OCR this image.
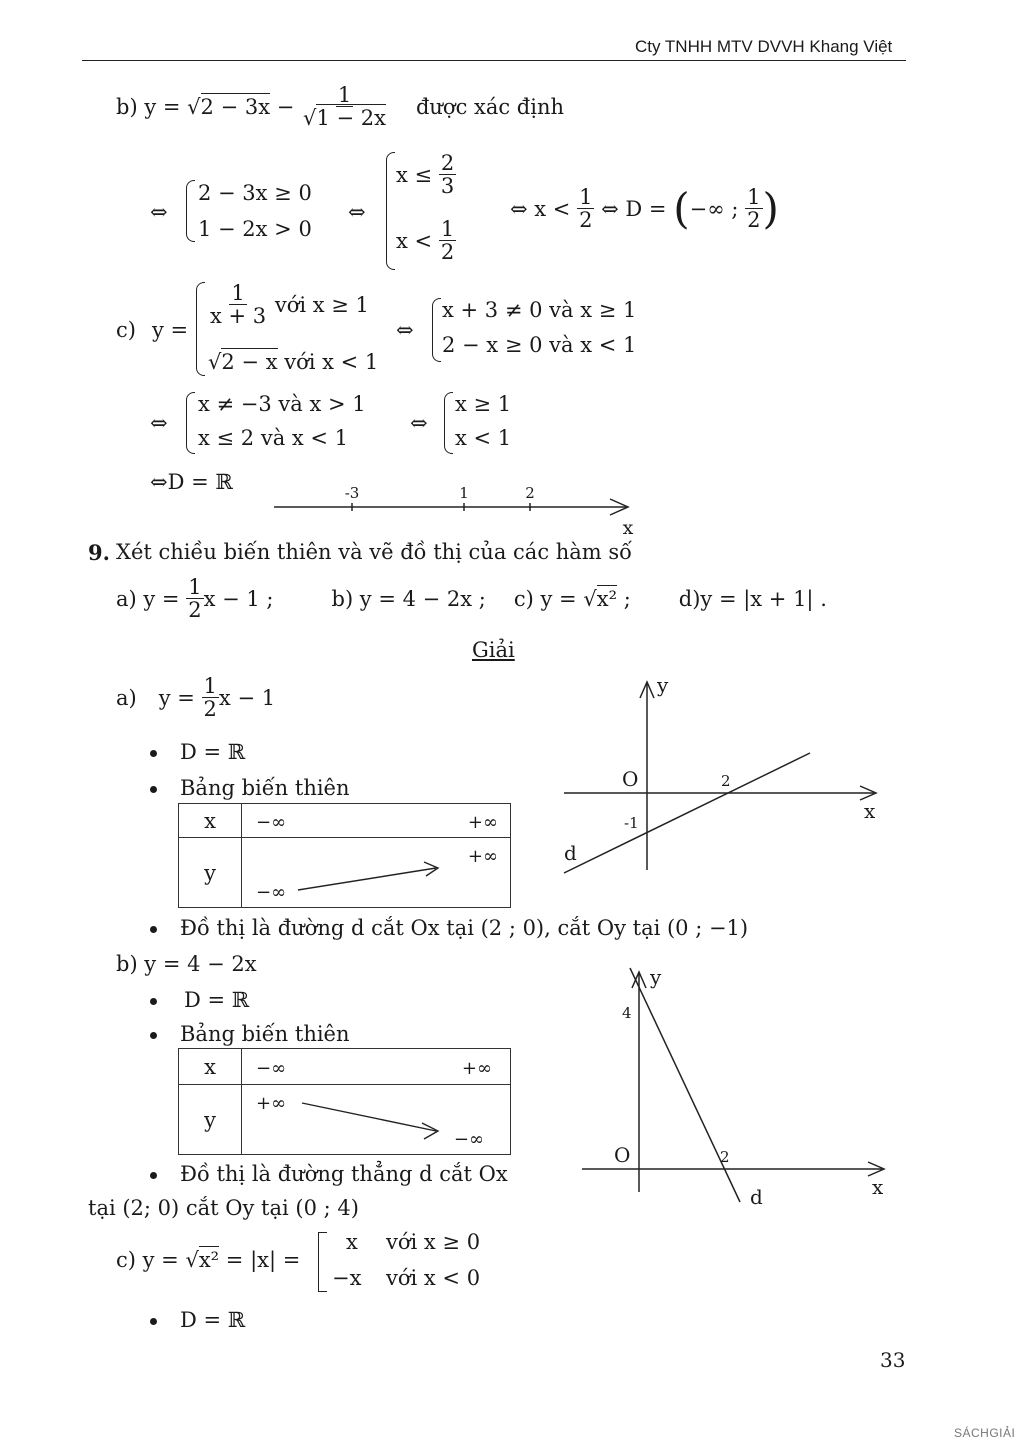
Cty TNHH MTV DVVH Khang Việt
b)
y =
√2 − 3x
−
$\frac{1}{√1 - 2x}$ được xác định
⇔
2 − 3x ≥ 0
1 − 2x > 0
⇔
x ≤
$\frac{2}{3}$
x <
$\frac{1}{2}$
⇔ x <
$\frac{1}{2}$
⇔ D =
( −∞ ;
$\frac{1}{2}$ )
c) y =
$\frac{1}{x + 3}$
với x ≥ 1
√2 − x
với x < 1
⇔
x + 3 ≠ 0 và x ≥ 1
2 − x ≥ 0 và x < 1
⇔
x ≠ −3 và x > 1
x ≤ 2 và x < 1
⇔
x ≥ 1
x < 1
⇔D = ℝ	-3	1	2
x
9. Xét chiều biến thiên và vẽ đồ thị của các hàm số
a) y =
$\frac{1}{2}$ x − 1 ;	b) y = 4 − 2x ; c) y =
√x²
; d)y = |x + 1| .
Giải
a) y =
$\frac{1}{2}$ x − 1
D = ℝ
Bảng biến thiên
x	−∞ +∞

y	−∞
+∞
y
x
O	2
-1
d
Đồ thị là đường d cắt Ox tại (2 ; 0), cắt Oy tại (0 ; −1)
b) y = 4 − 2x
D = ℝ
Bảng biến thiên
x	−∞ +∞

y	+∞
−∞
y
x
O	2
4
d
Đồ thị là đường thẳng d cắt Ox
tại (2; 0) cắt Oy tại (0 ; 4)
c) y =
√x²
= |x| =
x với x ≥ 0
−x với x < 0
D = ℝ
33
SÁCHGIẢI
